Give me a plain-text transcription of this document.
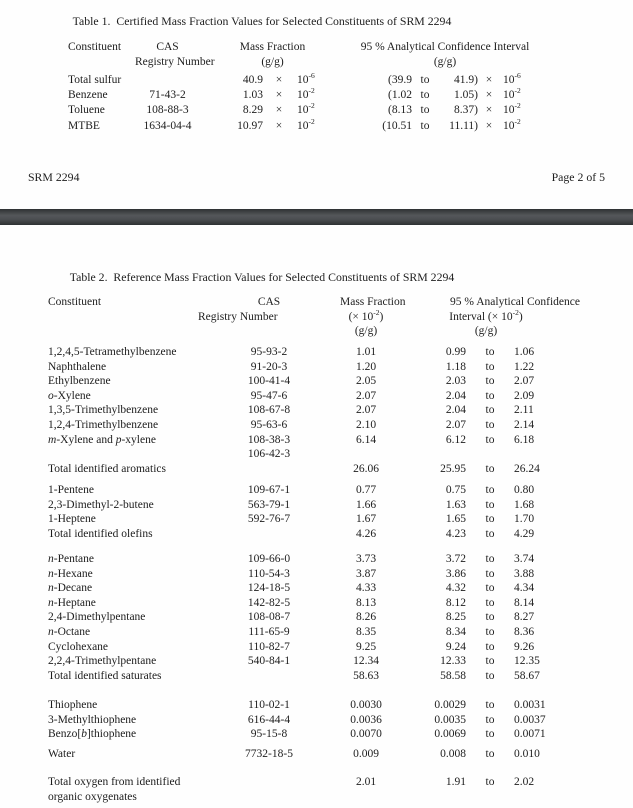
Table 1.  Certified Mass Fraction Values for Selected Constituents of SRM 2294
Constituent	CAS	Mass Fraction	95 % Analytical Confidence Interval
	Registry Number	(g/g)	(g/g)
Total sulfur		40.9	×	$10^{-6}$	(39.9	to	41.9)	×	$10^{-6}$
Benzene	71-43-2	1.03	×	$10^{-2}$	(1.02	to	1.05)	×	$10^{-2}$
Toluene	108-88-3	8.29	×	$10^{-2}$	(8.13	to	8.37)	×	$10^{-2}$
MTBE	1634-04-4	10.97	×	$10^{-2}$	(10.51	to	11.11)	×	$10^{-2}$
SRM 2294	Page 2 of 5
Table 2.  Reference Mass Fraction Values for Selected Constituents of SRM 2294
Constituent	CAS	Mass Fraction	95 % Analytical Confidence
	Registry Number	(× $10^{-2}$)	Interval (× $10^{-2}$)
		(g/g)	(g/g)
1,2,4,5-Tetramethylbenzene	95-93-2	1.01	0.99	to	1.06
Naphthalene	91-20-3	1.20	1.18	to	1.22
Ethylbenzene	100-41-4	2.05	2.03	to	2.07
o-Xylene	95-47-6	2.07	2.04	to	2.09
1,3,5-Trimethylbenzene	108-67-8	2.07	2.04	to	2.11
1,2,4-Trimethylbenzene	95-63-6	2.10	2.07	to	2.14
m-Xylene and p-xylene	108-38-3	6.14	6.12	to	6.18
	106-42-3				
Total identified aromatics		26.06	25.95	to	26.24
1-Pentene	109-67-1	0.77	0.75	to	0.80
2,3-Dimethyl-2-butene	563-79-1	1.66	1.63	to	1.68
1-Heptene	592-76-7	1.67	1.65	to	1.70
Total identified olefins		4.26	4.23	to	4.29
n-Pentane	109-66-0	3.73	3.72	to	3.74
n-Hexane	110-54-3	3.87	3.86	to	3.88
n-Decane	124-18-5	4.33	4.32	to	4.34
n-Heptane	142-82-5	8.13	8.12	to	8.14
2,4-Dimethylpentane	108-08-7	8.26	8.25	to	8.27
n-Octane	111-65-9	8.35	8.34	to	8.36
Cyclohexane	110-82-7	9.25	9.24	to	9.26
2,2,4-Trimethylpentane	540-84-1	12.34	12.33	to	12.35
Total identified saturates		58.63	58.58	to	58.67
Thiophene	110-02-1	0.0030	0.0029	to	0.0031
3-Methylthiophene	616-44-4	0.0036	0.0035	to	0.0037
Benzo[b]thiophene	95-15-8	0.0070	0.0069	to	0.0071
Water	7732-18-5	0.009	0.008	to	0.010
Total oxygen from identified		2.01	1.91	to	2.02
organic oxygenates					
